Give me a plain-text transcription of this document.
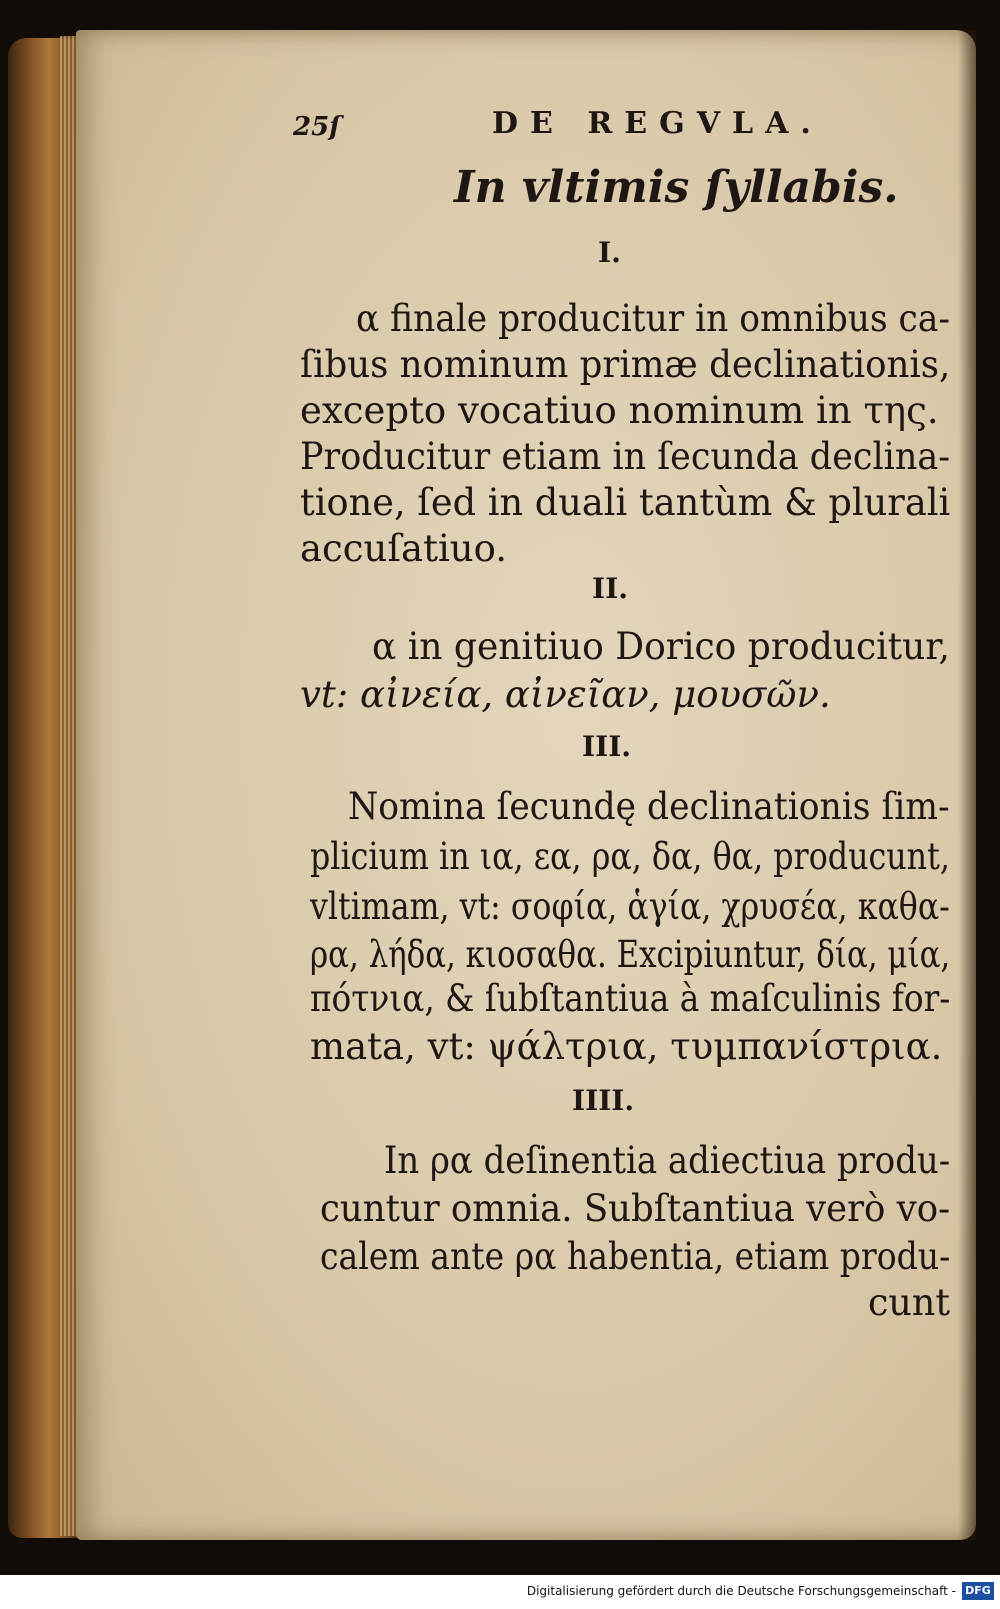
25ſ	DE REGVLA.
In ᴠltimis ſyllabis.
I.
α finale producitur in omnibus ca-
ſibus nominum primæ declinationis,
excepto vocatiuo nominum in της.
Producitur etiam in ſecunda declina-
tione, ſed in duali tantùm & plurali
accuſatiuo.
II.
α in genitiuo Dorico producitur,
vt: αἰνεία, αἰνεῖαν, μουσῶν.
III.
Nomina ſecundę declinationis ſim-
plicium in ια, εα, ρα, δα, θα, producunt,
vltimam, vt: σοφία, ἁγία, χρυσέα, καθα-
ρα, λήδα, κιοσαθα. Excipiuntur, δία, μία,
πότνια, & ſubſtantiua à maſculinis for-
mata, vt: ψάλτρια, τυμπανίστρια.
IIII.
In ρα deſinentia adiectiua produ-
cuntur omnia. Subſtantiua verò vo-
calem ante ρα habentia, etiam produ-
cunt
Digitalisierung gefördert durch die Deutsche Forschungsgemeinschaft - DFG
